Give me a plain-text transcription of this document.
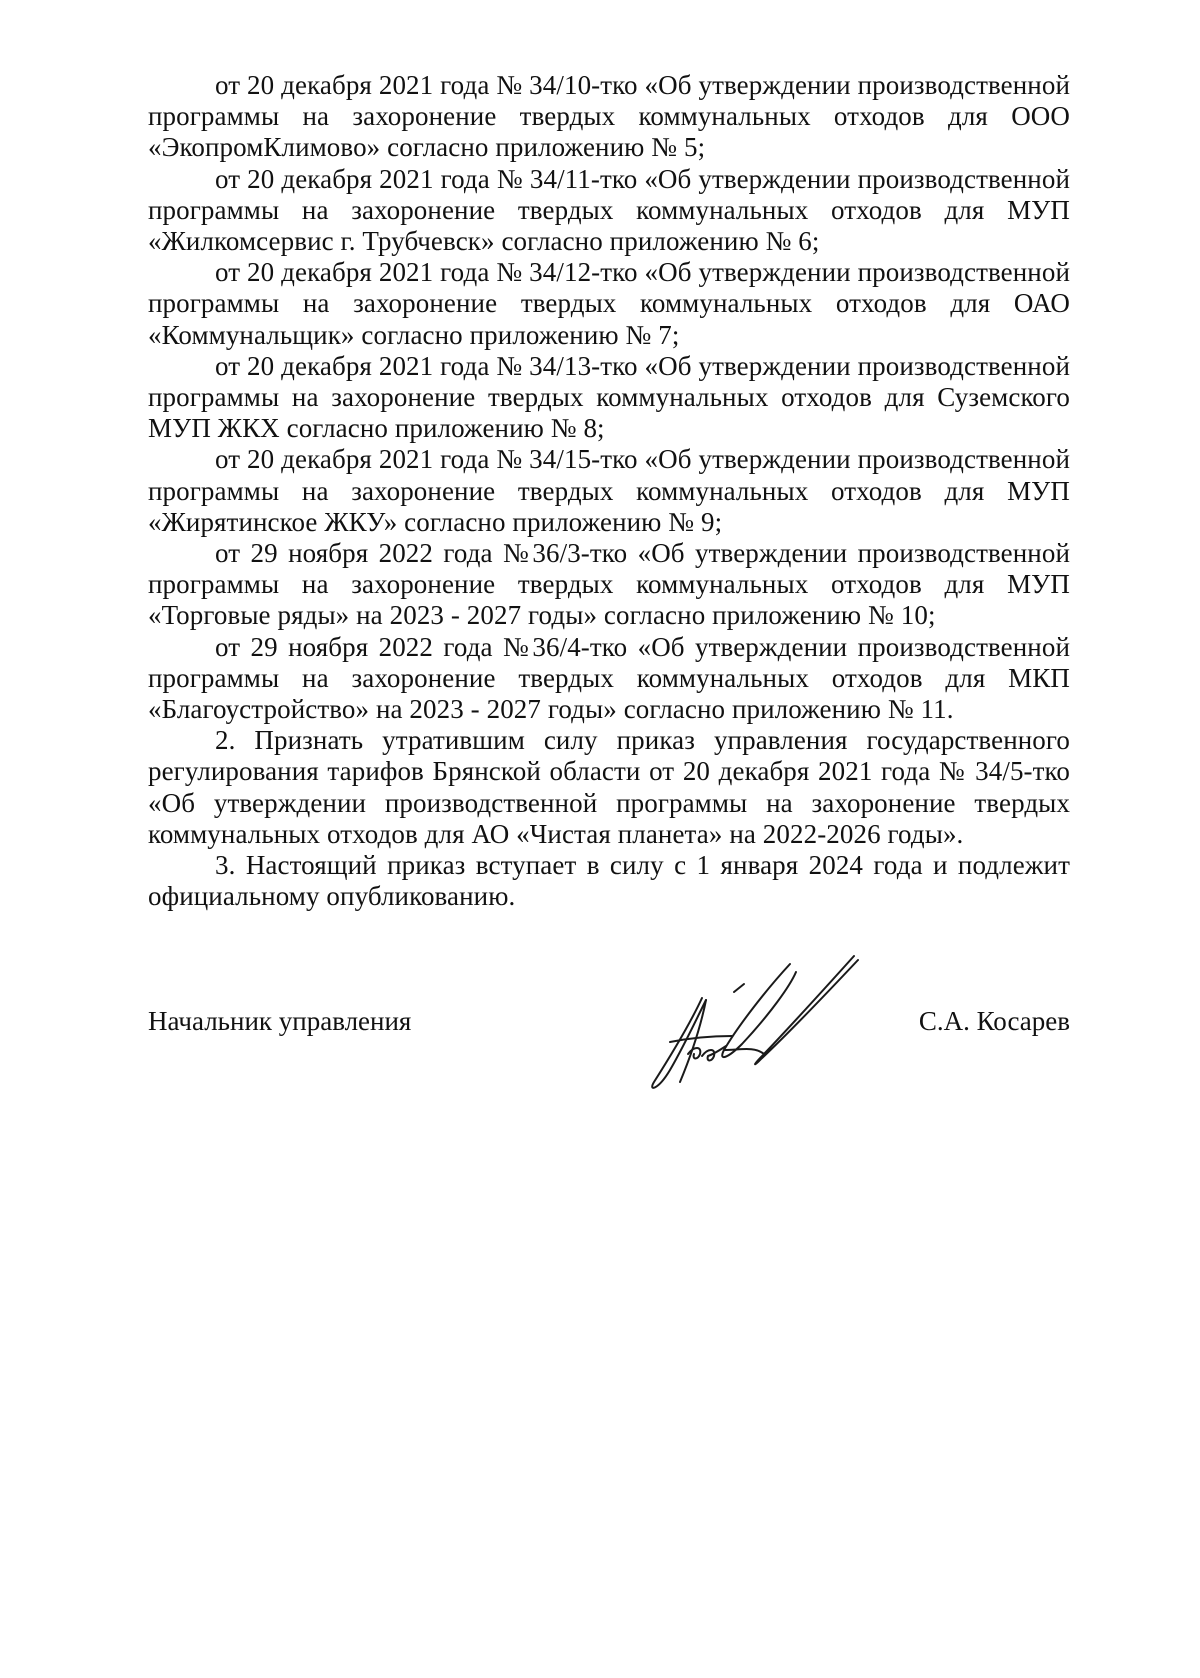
от 20 декабря 2021 года № 34/10-тко «Об утверждении производственной программы на захоронение твердых коммунальных отходов для ООО «ЭкопромКлимово» согласно приложению № 5;

от 20 декабря 2021 года № 34/11-тко «Об утверждении производственной программы на захоронение твердых коммунальных отходов для МУП «Жилкомсервис г. Трубчевск» согласно приложению № 6;

от 20 декабря 2021 года № 34/12-тко «Об утверждении производственной программы на захоронение твердых коммунальных отходов для ОАО «Коммунальщик» согласно приложению № 7;

от 20 декабря 2021 года № 34/13-тко «Об утверждении производственной программы на захоронение твердых коммунальных отходов для Суземского МУП ЖКХ согласно приложению № 8;

от 20 декабря 2021 года № 34/15-тко «Об утверждении производственной программы на захоронение твердых коммунальных отходов для МУП «Жирятинское ЖКУ» согласно приложению № 9;

от 29 ноября 2022 года №36/3-тко «Об утверждении производственной программы на захоронение твердых коммунальных отходов для МУП «Торговые ряды» на 2023 - 2027 годы» согласно приложению № 10;

от 29 ноября 2022 года №36/4-тко «Об утверждении производственной программы на захоронение твердых коммунальных отходов для МКП «Благоустройство» на 2023 - 2027 годы» согласно приложению № 11.

2. Признать утратившим силу приказ управления государственного регулирования тарифов Брянской области от 20 декабря 2021 года № 34/5-тко «Об утверждении производственной программы на захоронение твердых коммунальных отходов для АО «Чистая планета» на 2022-2026 годы».

3. Настоящий приказ вступает в силу с 1 января 2024 года и подлежит официальному опубликованию.

Начальник управления	С.А. Косарев
